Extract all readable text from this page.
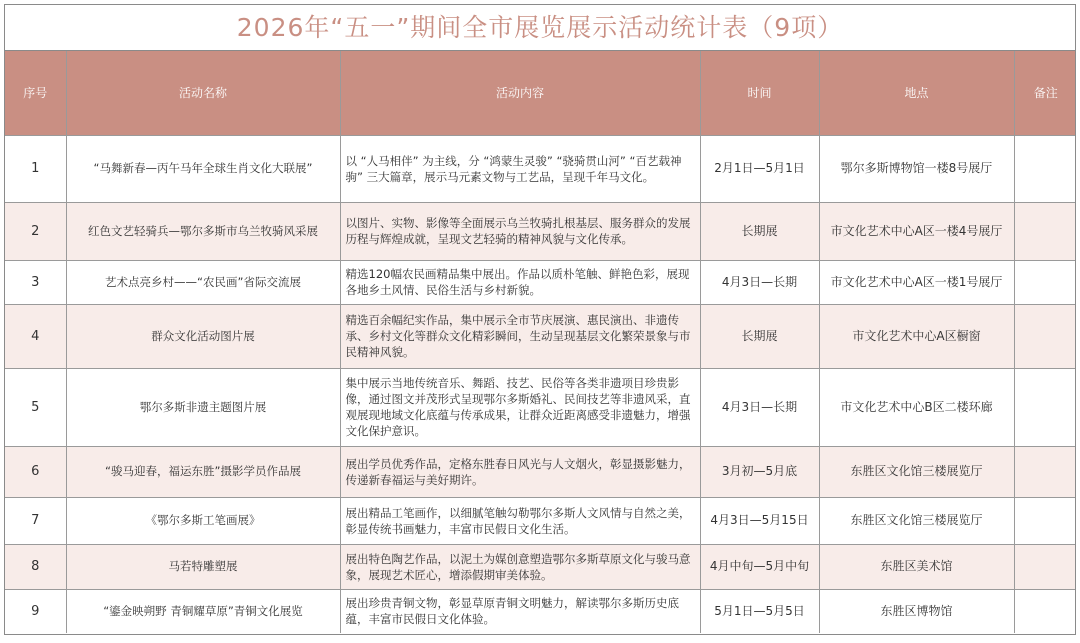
2026年“五一”期间全市展览展示活动统计表（9项）
序号	活动名称	活动内容	时间	地点	备注
1	“马舞新春—丙午马年全球生肖文化大联展”	以 “人马相伴” 为主线，分 “鸿蒙生灵骏” “骁骑贯山河” “百艺载神驹” 三大篇章，展示马元素文物与工艺品，呈现千年马文化。	2月1日—5月1日	鄂尔多斯博物馆一楼8号展厅	
2	红色文艺轻骑兵—鄂尔多斯市乌兰牧骑风采展	以图片、实物、影像等全面展示乌兰牧骑扎根基层、服务群众的发展历程与辉煌成就，呈现文艺轻骑的精神风貌与文化传承。	长期展	市文化艺术中心A区一楼4号展厅	
3	艺术点亮乡村——“农民画”省际交流展	精选120幅农民画精品集中展出。作品以质朴笔触、鲜艳色彩，展现各地乡土风情、民俗生活与乡村新貌。	4月3日—长期	市文化艺术中心A区一楼1号展厅	
4	群众文化活动图片展	精选百余幅纪实作品，集中展示全市节庆展演、惠民演出、非遗传承、乡村文化等群众文化精彩瞬间，生动呈现基层文化繁荣景象与市民精神风貌。	长期展	市文化艺术中心A区橱窗	
5	鄂尔多斯非遗主题图片展	集中展示当地传统音乐、舞蹈、技艺、民俗等各类非遗项目珍贵影像，通过图文并茂形式呈现鄂尔多斯婚礼、民间技艺等非遗风采，直观展现地域文化底蕴与传承成果，让群众近距离感受非遗魅力，增强文化保护意识。	4月3日—长期	市文化艺术中心B区二楼环廊	
6	“骏马迎春，福运东胜”摄影学员作品展	展出学员优秀作品，定格东胜春日风光与人文烟火，彰显摄影魅力，传递新春福运与美好期许。	3月初—5月底	东胜区文化馆三楼展览厅	
7	《鄂尔多斯工笔画展》	展出精品工笔画作，以细腻笔触勾勒鄂尔多斯人文风情与自然之美，彰显传统书画魅力，丰富市民假日文化生活。	4月3日—5月15日	东胜区文化馆三楼展览厅	
8	马若特雕塑展	展出特色陶艺作品，以泥土为媒创意塑造鄂尔多斯草原文化与骏马意象，展现艺术匠心，增添假期审美体验。	4月中旬—5月中旬	东胜区美术馆	
9	“鎏金映朔野 青铜耀草原”青铜文化展览	展出珍贵青铜文物，彰显草原青铜文明魅力，解读鄂尔多斯历史底蕴，丰富市民假日文化体验。	5月1日—5月5日	东胜区博物馆	
